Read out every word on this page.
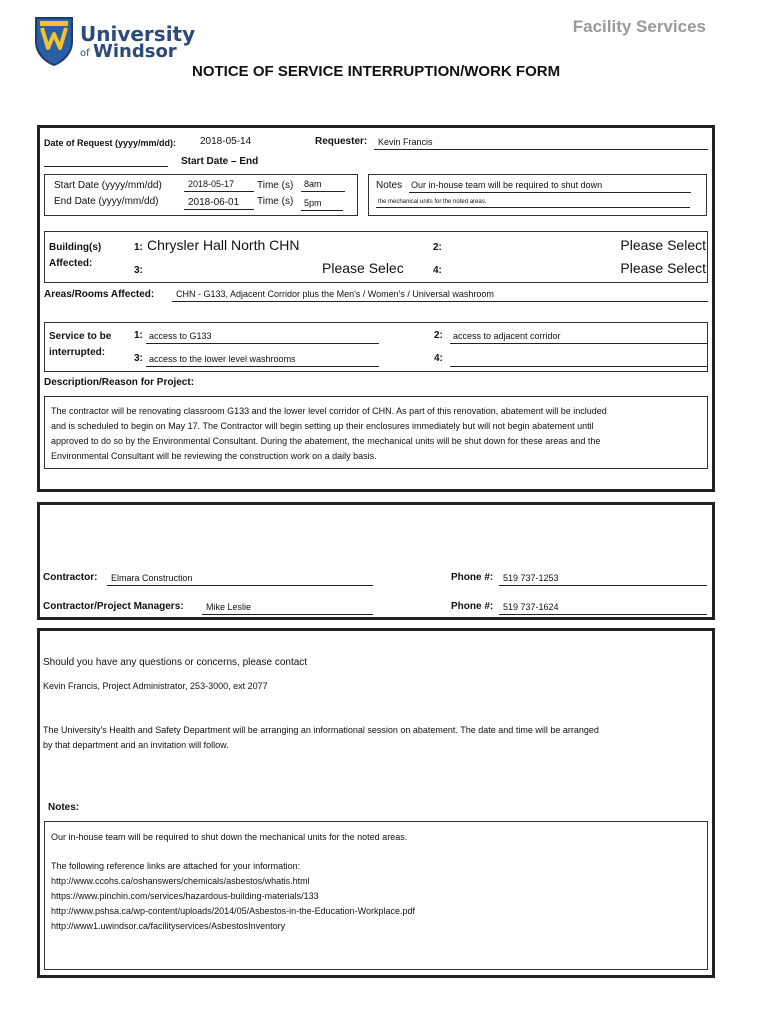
University
of Windsor
Facility Services
NOTICE OF SERVICE INTERRUPTION/WORK FORM
Date of Request (yyyy/mm/dd): 2018-05-14	Requester:	Kevin Francis
Start Date – End
Start Date (yyyy/mm/dd)	2018-05-17	Time (s)	8am
End Date (yyyy/mm/dd)	2018-06-01	Time (s)	5pm
Notes Our in-house team will be required to shut down
the mechanical units for the noted areas.
Building(s)
Affected:
1: Chrysler Hall North CHN	2:	Please Select
3:	Please Selec	4:	Please Select
Areas/Rooms Affected:	CHN - G133, Adjacent Corridor plus the Men's / Women's / Universal washroom
Service to be
interrupted:
1: access to G133	2:	access to adjacent corridor
3: access to the lower level washrooms	4:
Description/Reason for Project:
The contractor will be renovating classroom G133 and the lower level corridor of CHN. As part of this renovation, abatement will be included
and is scheduled to begin on May 17. The Contractor will begin setting up their enclosures immediately but will not begin abatement until
approved to do so by the Environmental Consultant. During the abatement, the mechanical units will be shut down for these areas and the
Environmental Consultant will be reviewing the construction work on a daily basis.
Contractor:	Elmara Construction	Phone #:	519 737-1253
Contractor/Project Managers:	Mike Leslie	Phone #:	519 737-1624
Should you have any questions or concerns, please contact
Kevin Francis, Project Administrator, 253-3000, ext 2077
The University's Health and Safety Department will be arranging an informational session on abatement. The date and time will be arranged
by that department and an invitation will follow.
Notes:
Our in-house team will be required to shut down the mechanical units for the noted areas.
The following reference links are attached for your information:
http://www.ccohs.ca/oshanswers/chemicals/asbestos/whatis.html
https://www.pinchin.com/services/hazardous-building-materials/133
http://www.pshsa.ca/wp-content/uploads/2014/05/Asbestos-in-the-Education-Workplace.pdf
http://www1.uwindsor.ca/facilityservices/AsbestosInventory
